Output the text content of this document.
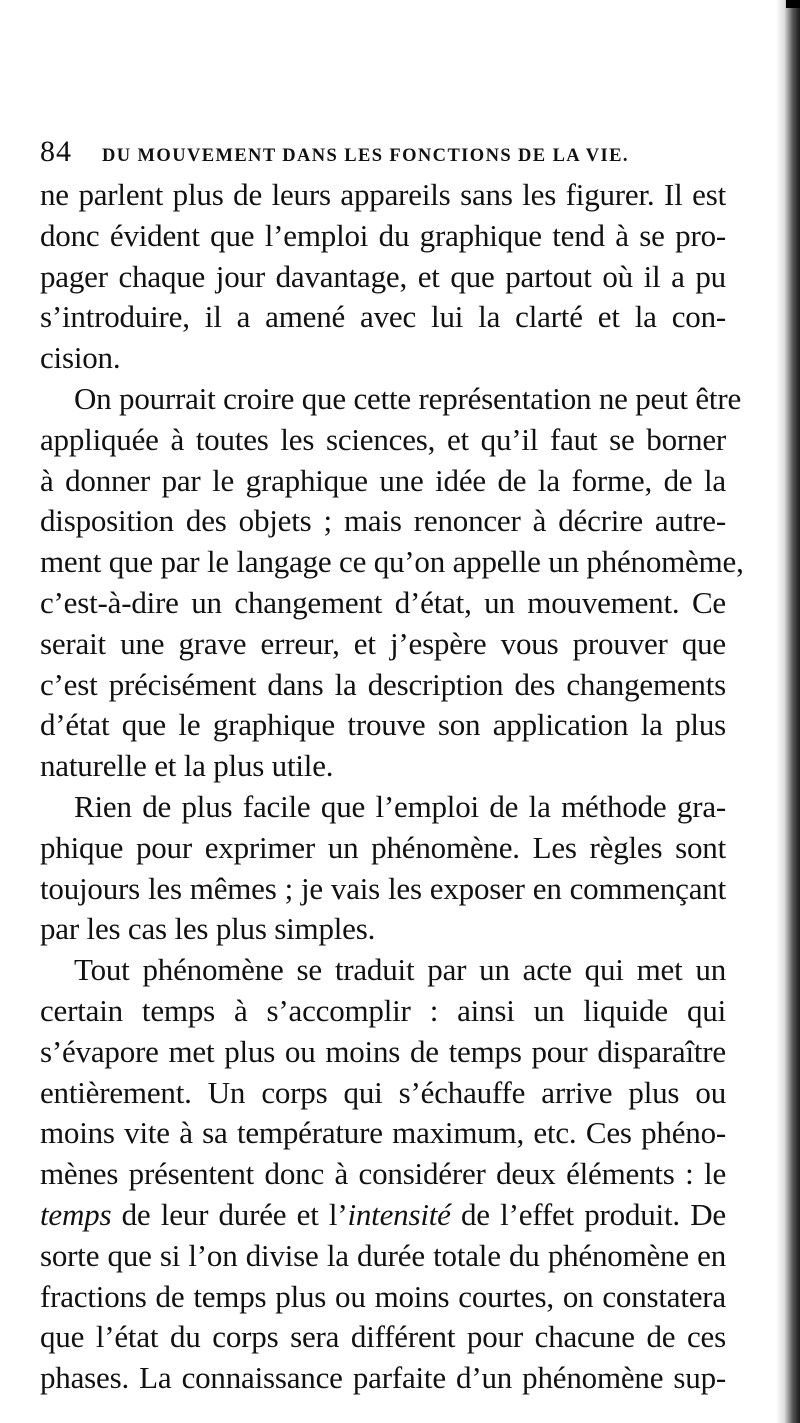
84	DU MOUVEMENT DANS LES FONCTIONS DE LA VIE.
ne parlent plus de leurs appareils sans les figurer. Il est
donc évident que l’emploi du graphique tend à se pro-
pager chaque jour davantage, et que partout où il a pu
s’introduire, il a amené avec lui la clarté et la con-
cision.
On pourrait croire que cette représentation ne peut être
appliquée à toutes les sciences, et qu’il faut se borner
à donner par le graphique une idée de la forme, de la
disposition des objets ; mais renoncer à décrire autre-
ment que par le langage ce qu’on appelle un phénomème,
c’est-à-dire un changement d’état, un mouvement. Ce
serait une grave erreur, et j’espère vous prouver que
c’est précisément dans la description des changements
d’état que le graphique trouve son application la plus
naturelle et la plus utile.
Rien de plus facile que l’emploi de la méthode gra-
phique pour exprimer un phénomène. Les règles sont
toujours les mêmes ; je vais les exposer en commençant
par les cas les plus simples.
Tout phénomène se traduit par un acte qui met un
certain temps à s’accomplir : ainsi un liquide qui
s’évapore met plus ou moins de temps pour disparaître
entièrement. Un corps qui s’échauffe arrive plus ou
moins vite à sa température maximum, etc. Ces phéno-
mènes présentent donc à considérer deux éléments : le
temps de leur durée et l’intensité de l’effet produit. De
sorte que si l’on divise la durée totale du phénomène en
fractions de temps plus ou moins courtes, on constatera
que l’état du corps sera différent pour chacune de ces
phases. La connaissance parfaite d’un phénomène sup-
